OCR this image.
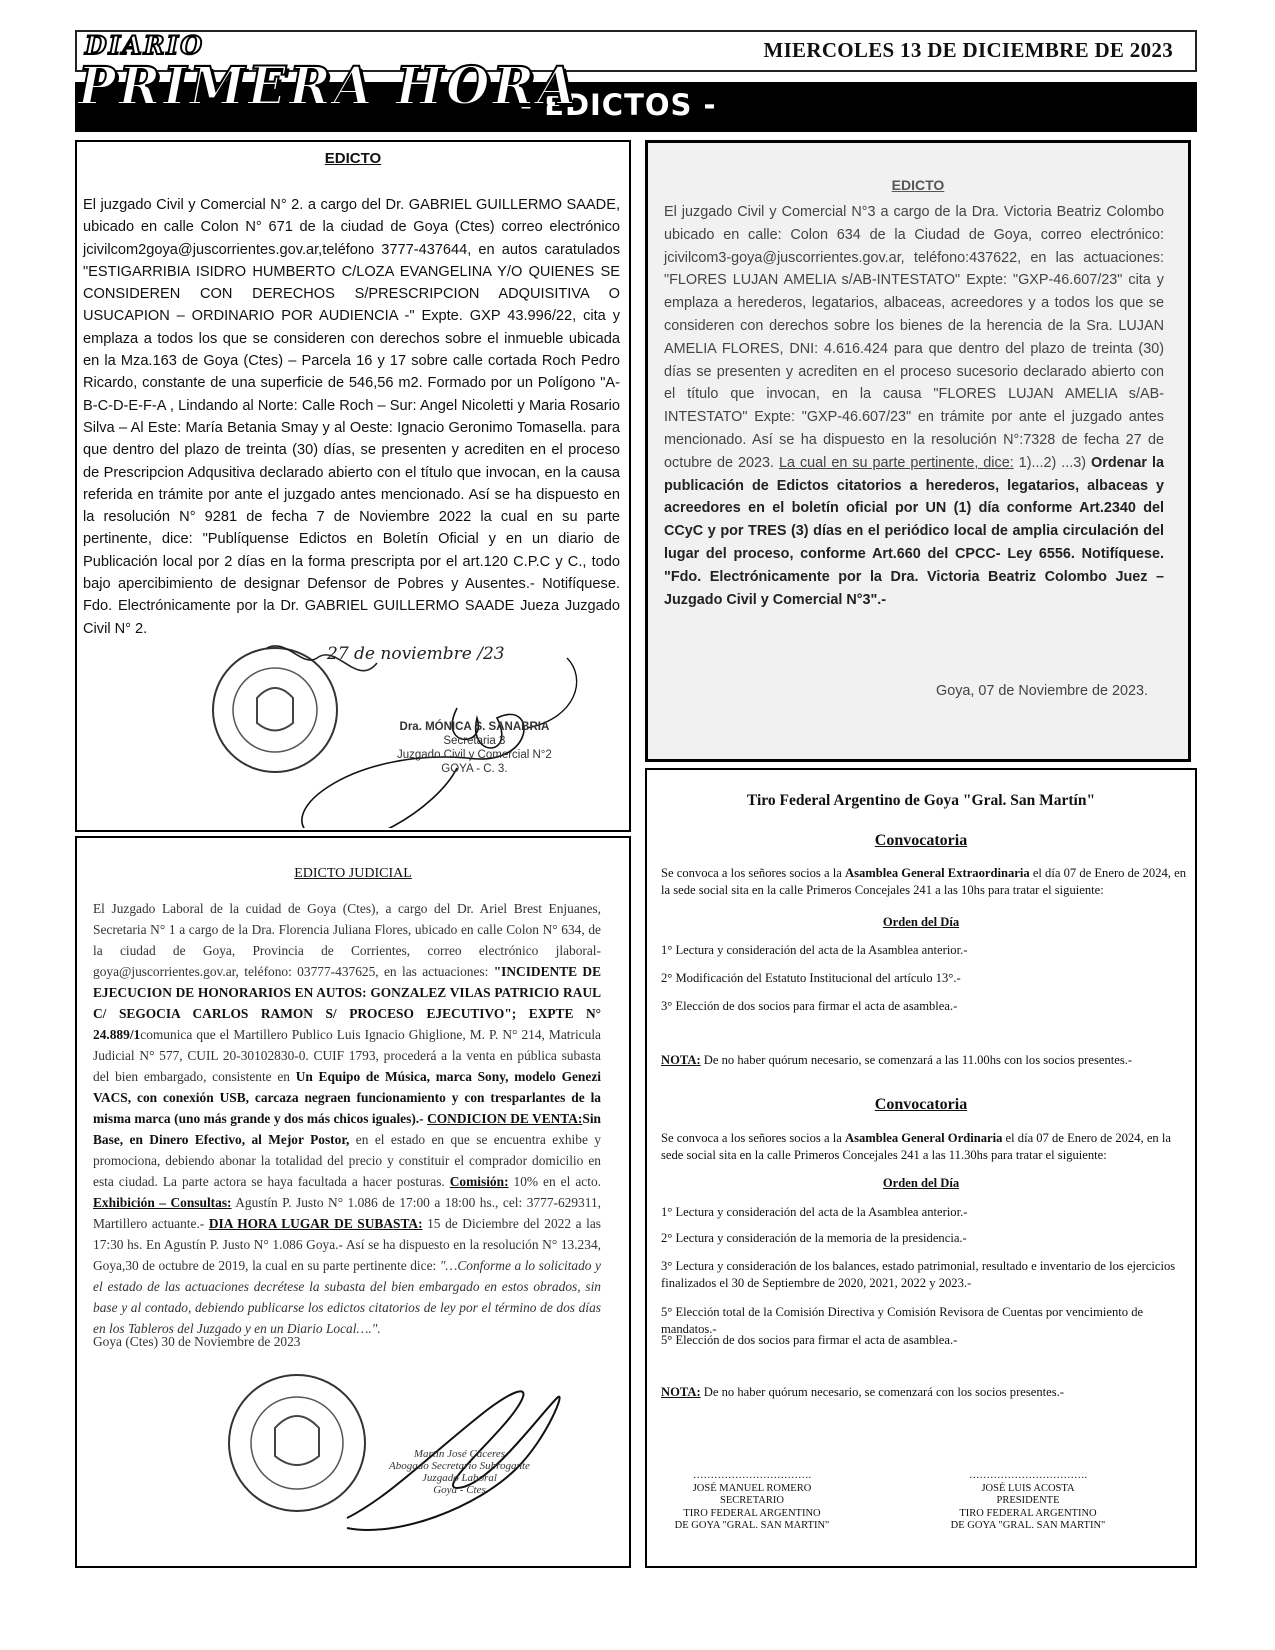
MIERCOLES 13 DE DICIEMBRE DE 2023
- EDICTOS -
DIARIO
PRIMERA HORA
EDICTO
El juzgado Civil y Comercial N° 2. a cargo del Dr. GABRIEL GUILLERMO SAADE, ubicado en calle Colon N° 671 de la ciudad de Goya (Ctes) correo electrónico jcivilcom2goya@juscorrientes.gov.ar,teléfono 3777-437644, en autos caratulados "ESTIGARRIBIA ISIDRO HUMBERTO C/LOZA EVANGELINA Y/O QUIENES SE CONSIDEREN CON DERECHOS S/PRESCRIPCION ADQUISITIVA O USUCAPION – ORDINARIO POR AUDIENCIA -" Expte. GXP 43.996/22, cita y emplaza a todos los que se consideren con derechos sobre el inmueble ubicada en la Mza.163 de Goya (Ctes) – Parcela 16 y 17 sobre calle cortada Roch Pedro Ricardo, constante de una superficie de 546,56 m2. Formado por un Polígono "A-B-C-D-E-F-A , Lindando al Norte: Calle Roch – Sur: Angel Nicoletti y Maria Rosario Silva – Al Este: María Betania Smay y al Oeste: Ignacio Geronimo Tomasella. para que dentro del plazo de treinta (30) días, se presenten y acrediten en el proceso de Prescripcion Adqusitiva declarado abierto con el título que invocan, en la causa referida en trámite por ante el juzgado antes mencionado. Así se ha dispuesto en la resolución N° 9281 de fecha 7 de Noviembre 2022 la cual en su parte pertinente, dice: "Publíquense Edictos en Boletín Oficial y en un diario de Publicación local por 2 días en la forma prescripta por el art.120 C.P.C y C., todo bajo apercibimiento de designar Defensor de Pobres y Ausentes.- Notifíquese. Fdo. Electrónicamente por la Dr. GABRIEL GUILLERMO SAADE Jueza Juzgado Civil N° 2.
27 de noviembre /23
Dra. MÓNICA S. SANABRIA
Secretaria 3
Juzgado Civil y Comercial N°2
GOYA - C. 3.
EDICTO
El juzgado Civil y Comercial N°3 a cargo de la Dra. Victoria Beatriz Colombo ubicado en calle: Colon 634 de la Ciudad de Goya, correo electrónico: jcivilcom3-goya@juscorrientes.gov.ar, teléfono:437622, en las actuaciones: "FLORES LUJAN AMELIA s/AB-INTESTATO" Expte: "GXP-46.607/23" cita y emplaza a herederos, legatarios, albaceas, acreedores y a todos los que se consideren con derechos sobre los bienes de la herencia de la Sra. LUJAN AMELIA FLORES, DNI: 4.616.424 para que dentro del plazo de treinta (30) días se presenten y acrediten en el proceso sucesorio declarado abierto con el título que invocan, en la causa "FLORES LUJAN AMELIA s/AB-INTESTATO" Expte: "GXP-46.607/23" en trámite por ante el juzgado antes mencionado. Así se ha dispuesto en la resolución N°:7328 de fecha 27 de octubre de 2023. La cual en su parte pertinente, dice: 1)...2) ...3) Ordenar la publicación de Edictos citatorios a herederos, legatarios, albaceas y acreedores en el boletín oficial por UN (1) día conforme Art.2340 del CCyC y por TRES (3) días en el periódico local de amplia circulación del lugar del proceso, conforme Art.660 del CPCC- Ley 6556. Notifíquese. "Fdo. Electrónicamente por la Dra. Victoria Beatriz Colombo Juez – Juzgado Civil y Comercial N°3".-
Goya, 07 de Noviembre de 2023.
EDICTO JUDICIAL
El Juzgado Laboral de la cuidad de Goya (Ctes), a cargo del Dr. Ariel Brest Enjuanes, Secretaria N° 1 a cargo de la Dra. Florencia Juliana Flores, ubicado en calle Colon N° 634, de la ciudad de Goya, Provincia de Corrientes, correo electrónico jlaboral-goya@juscorrientes.gov.ar, teléfono: 03777-437625, en las actuaciones: "INCIDENTE DE EJECUCION DE HONORARIOS EN AUTOS: GONZALEZ VILAS PATRICIO RAUL C/ SEGOCIA CARLOS RAMON S/ PROCESO EJECUTIVO"; EXPTE N° 24.889/1comunica que el Martillero Publico Luis Ignacio Ghiglione, M. P. N° 214, Matricula Judicial N° 577, CUIL 20-30102830-0. CUIF 1793, procederá a la venta en pública subasta del bien embargado, consistente en Un Equipo de Música, marca Sony, modelo Genezi VACS, con conexión USB, carcaza negraen funcionamiento y con tresparlantes de la misma marca (uno más grande y dos más chicos iguales).- CONDICION DE VENTA:Sin Base, en Dinero Efectivo, al Mejor Postor, en el estado en que se encuentra exhibe y promociona, debiendo abonar la totalidad del precio y constituir el comprador domicilio en esta ciudad. La parte actora se haya facultada a hacer posturas. Comisión: 10% en el acto. Exhibición – Consultas: Agustín P. Justo N° 1.086 de 17:00 a 18:00 hs., cel: 3777-629311, Martillero actuante.- DIA HORA LUGAR DE SUBASTA: 15 de Diciembre del 2022 a las 17:30 hs. En Agustín P. Justo N° 1.086 Goya.- Así se ha dispuesto en la resolución N° 13.234, Goya,30 de octubre de 2019, la cual en su parte pertinente dice: "…Conforme a lo solicitado y el estado de las actuaciones decrétese la subasta del bien embargado en estos obrados, sin base y al contado, debiendo publicarse los edictos citatorios de ley por el término de dos días en los Tableros del Juzgado y en un Diario Local….".
Goya (Ctes) 30 de Noviembre de 2023
Martin José Cáceres
Abogado Secretario Subrogante
Juzgado Laboral
Goya - Ctes
Tiro Federal Argentino de Goya "Gral. San Martín"
Convocatoria
Se convoca a los señores socios a la Asamblea General Extraordinaria el día 07 de Enero de 2024, en la sede social sita en la calle Primeros Concejales 241 a las 10hs para tratar el siguiente:
Orden del Día
1° Lectura y consideración del acta de la Asamblea anterior.-
2° Modificación del Estatuto Institucional del artículo 13°.-
3° Elección de dos socios para firmar el acta de asamblea.-
NOTA: De no haber quórum necesario, se comenzará a las 11.00hs con los socios presentes.-
Convocatoria
Se convoca a los señores socios a la Asamblea General Ordinaria el día 07 de Enero de 2024, en la sede social sita en la calle Primeros Concejales 241 a las 11.30hs para tratar el siguiente:
Orden del Día
1° Lectura y consideración del acta de la Asamblea anterior.-
2° Lectura y consideración de la memoria de la presidencia.-
3° Lectura y consideración de los balances, estado patrimonial, resultado e inventario de los ejercicios finalizados el 30 de Septiembre de 2020, 2021, 2022 y 2023.-
5° Elección total de la Comisión Directiva y Comisión Revisora de Cuentas por vencimiento de mandatos.-
5° Elección de dos socios para firmar el acta de asamblea.-
NOTA: De no haber quórum necesario, se comenzará con los socios presentes.-
…………………………….
JOSÉ MANUEL ROMERO
SECRETARIO
TIRO FEDERAL ARGENTINO
DE GOYA "GRAL. SAN MARTIN"
…………………………….
JOSÉ LUIS ACOSTA
PRESIDENTE
TIRO FEDERAL ARGENTINO
DE GOYA "GRAL. SAN MARTIN"
